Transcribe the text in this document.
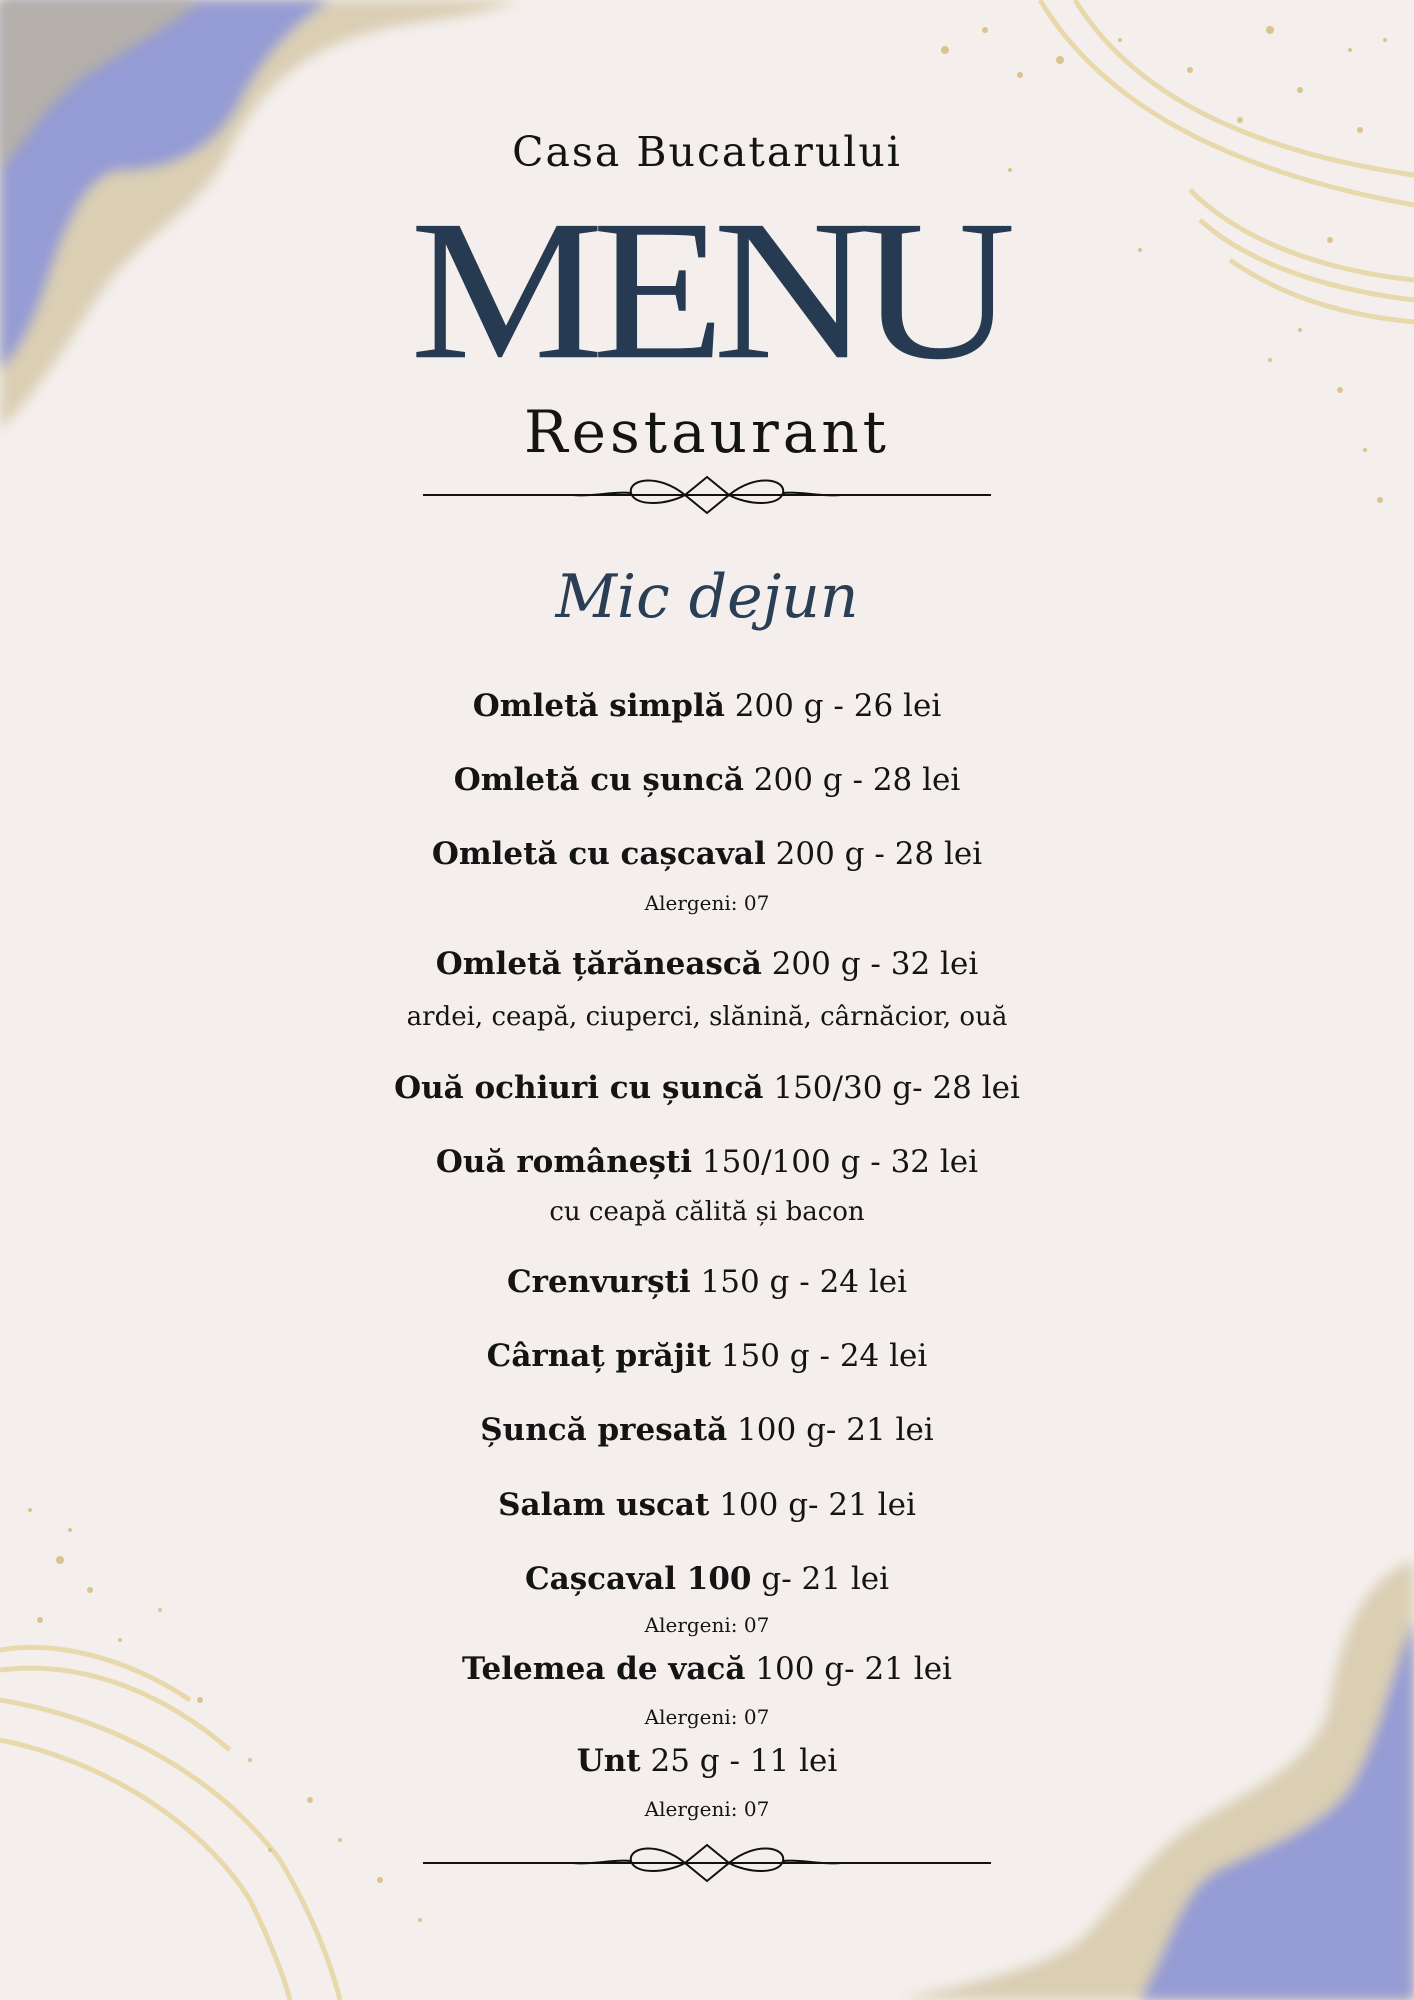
Casa Bucatarului
MENU
Restaurant
Mic dejun
Omletă simplă 200 g - 26 lei
Omletă cu șuncă 200 g - 28 lei
Omletă cu cașcaval 200 g - 28 lei
Alergeni: 07
Omletă țărănească 200 g - 32 lei
ardei, ceapă, ciuperci, slănină, cârnăcior, ouă
Ouă ochiuri cu șuncă 150/30 g- 28 lei
Ouă românești 150/100 g - 32 lei
cu ceapă călită și bacon
Crenvurști 150 g - 24 lei
Cârnaț prăjit 150 g - 24 lei
Șuncă presată 100 g- 21 lei
Salam uscat 100 g- 21 lei
Cașcaval 100 g- 21 lei
Alergeni: 07
Telemea de vacă 100 g- 21 lei
Alergeni: 07
Unt 25 g - 11 lei
Alergeni: 07
